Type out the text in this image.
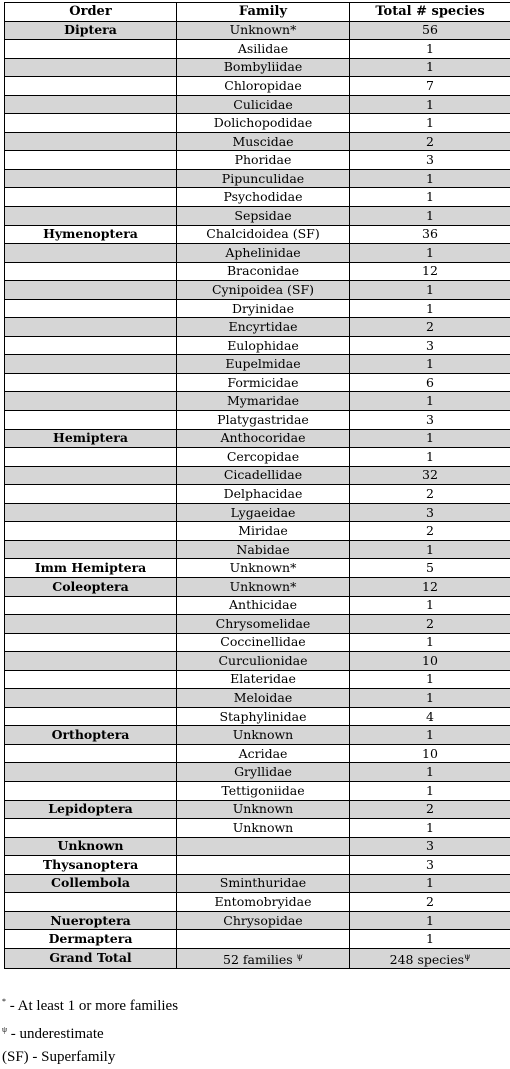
Order	Family	Total # species
Diptera	Unknown*	56
	Asilidae	1
	Bombyliidae	1
	Chloropidae	7
	Culicidae	1
	Dolichopodidae	1
	Muscidae	2
	Phoridae	3
	Pipunculidae	1
	Psychodidae	1
	Sepsidae	1
Hymenoptera	Chalcidoidea (SF)	36
	Aphelinidae	1
	Braconidae	12
	Cynipoidea (SF)	1
	Dryinidae	1
	Encyrtidae	2
	Eulophidae	3
	Eupelmidae	1
	Formicidae	6
	Mymaridae	1
	Platygastridae	3
Hemiptera	Anthocoridae	1
	Cercopidae	1
	Cicadellidae	32
	Delphacidae	2
	Lygaeidae	3
	Miridae	2
	Nabidae	1
Imm Hemiptera	Unknown*	5
Coleoptera	Unknown*	12
	Anthicidae	1
	Chrysomelidae	2
	Coccinellidae	1
	Curculionidae	10
	Elateridae	1
	Meloidae	1
	Staphylinidae	4
Orthoptera	Unknown	1
	Acridae	10
	Gryllidae	1
	Tettigoniidae	1
Lepidoptera	Unknown	2
	Unknown	1
Unknown		3
Thysanoptera		3
Collembola	Sminthuridae	1
	Entomobryidae	2
Nueroptera	Chrysopidae	1
Dermaptera		1
Grand Total	52 families $^\psi$	248 species$^\psi$
* - At least 1 or more families
$^\psi$ - underestimate
(SF) - Superfamily
